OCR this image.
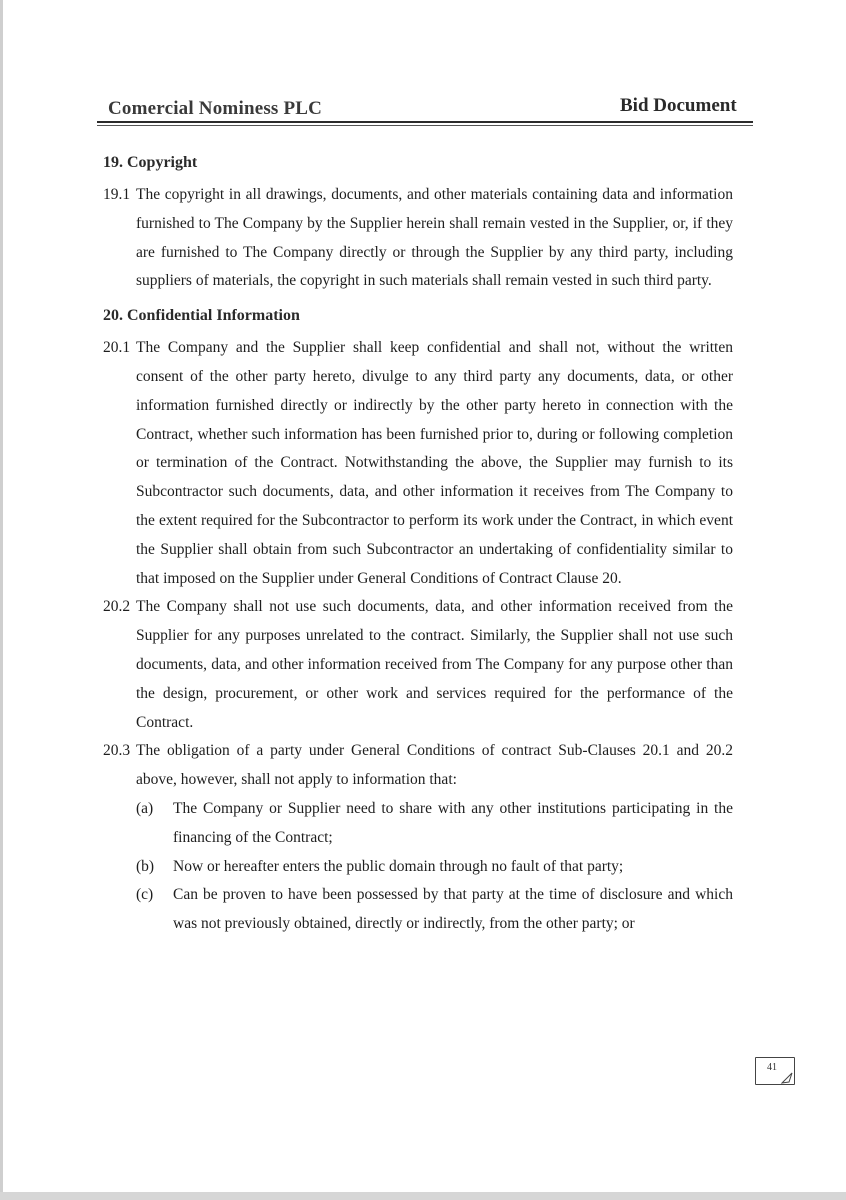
Comercial Nominess PLC	Bid Document

19. Copyright

19.1 The copyright in all drawings, documents, and other materials containing data and information furnished to The Company by the Supplier herein shall remain vested in the Supplier, or, if they are furnished to The Company directly or through the Supplier by any third party, including suppliers of materials, the copyright in such materials shall remain vested in such third party.

20. Confidential Information

20.1 The Company and the Supplier shall keep confidential and shall not, without the written consent of the other party hereto, divulge to any third party any documents, data, or other information furnished directly or indirectly by the other party hereto in connection with the Contract, whether such information has been furnished prior to, during or following completion or termination of the Contract. Notwithstanding the above, the Supplier may furnish to its Subcontractor such documents, data, and other information it receives from The Company to the extent required for the Subcontractor to perform its work under the Contract, in which event the Supplier shall obtain from such Subcontractor an undertaking of confidentiality similar to that imposed on the Supplier under General Conditions of Contract Clause 20.

20.2 The Company shall not use such documents, data, and other information received from the Supplier for any purposes unrelated to the contract. Similarly, the Supplier shall not use such documents, data, and other information received from The Company for any purpose other than the design, procurement, or other work and services required for the performance of the Contract.

20.3 The obligation of a party under General Conditions of contract Sub-Clauses 20.1 and 20.2 above, however, shall not apply to information that:

(a) The Company or Supplier need to share with any other institutions participating in the financing of the Contract;

(b) Now or hereafter enters the public domain through no fault of that party;

(c) Can be proven to have been possessed by that party at the time of disclosure and which was not previously obtained, directly or indirectly, from the other party; or

41
